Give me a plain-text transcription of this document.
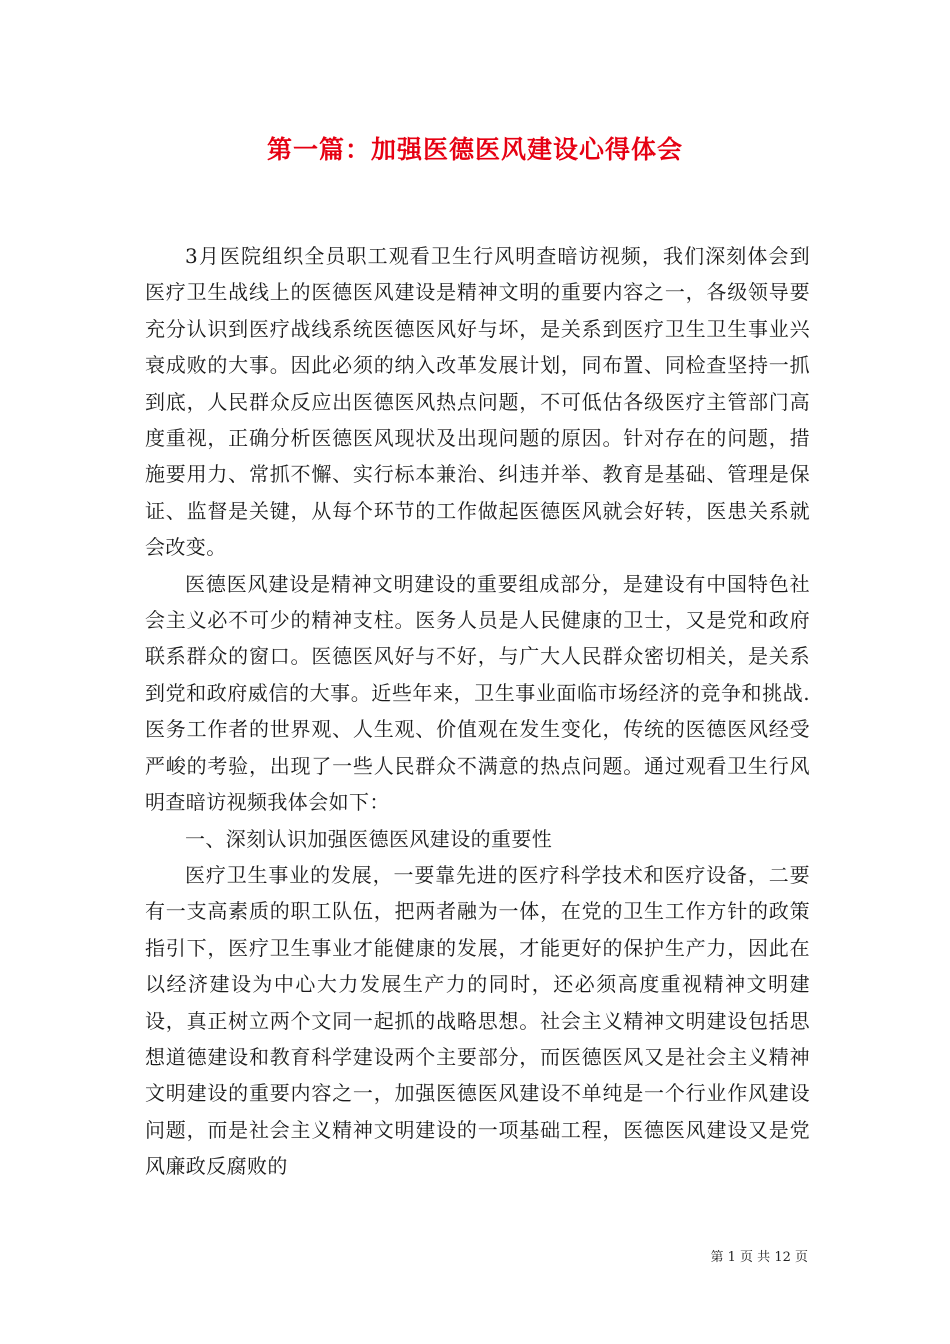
第一篇：加强医德医风建设心得体会

3月医院组织全员职工观看卫生行风明查暗访视频，我们深刻体会到医疗卫生战线上的医德医风建设是精神文明的重要内容之一，各级领导要充分认识到医疗战线系统医德医风好与坏，是关系到医疗卫生卫生事业兴衰成败的大事。因此必须的纳入改革发展计划，同布置、同检查坚持一抓到底，人民群众反应出医德医风热点问题，不可低估各级医疗主管部门高度重视，正确分析医德医风现状及出现问题的原因。针对存在的问题，措施要用力、常抓不懈、实行标本兼治、纠违并举、教育是基础、管理是保证、监督是关键，从每个环节的工作做起医德医风就会好转，医患关系就会改变。

医德医风建设是精神文明建设的重要组成部分，是建设有中国特色社会主义必不可少的精神支柱。医务人员是人民健康的卫士，又是党和政府联系群众的窗口。医德医风好与不好，与广大人民群众密切相关，是关系到党和政府威信的大事。近些年来，卫生事业面临市场经济的竞争和挑战.医务工作者的世界观、人生观、价值观在发生变化，传统的医德医风经受严峻的考验，出现了一些人民群众不满意的热点问题。通过观看卫生行风明查暗访视频我体会如下：

一、深刻认识加强医德医风建设的重要性

医疗卫生事业的发展，一要靠先进的医疗科学技术和医疗设备，二要有一支高素质的职工队伍，把两者融为一体，在党的卫生工作方针的政策指引下，医疗卫生事业才能健康的发展，才能更好的保护生产力，因此在以经济建设为中心大力发展生产力的同时，还必须高度重视精神文明建设，真正树立两个文同一起抓的战略思想。社会主义精神文明建设包括思想道德建设和教育科学建设两个主要部分，而医德医风又是社会主义精神文明建设的重要内容之一，加强医德医风建设不单纯是一个行业作风建设问题，而是社会主义精神文明建设的一项基础工程，医德医风建设又是党风廉政反腐败的

第 1 页 共 12 页
